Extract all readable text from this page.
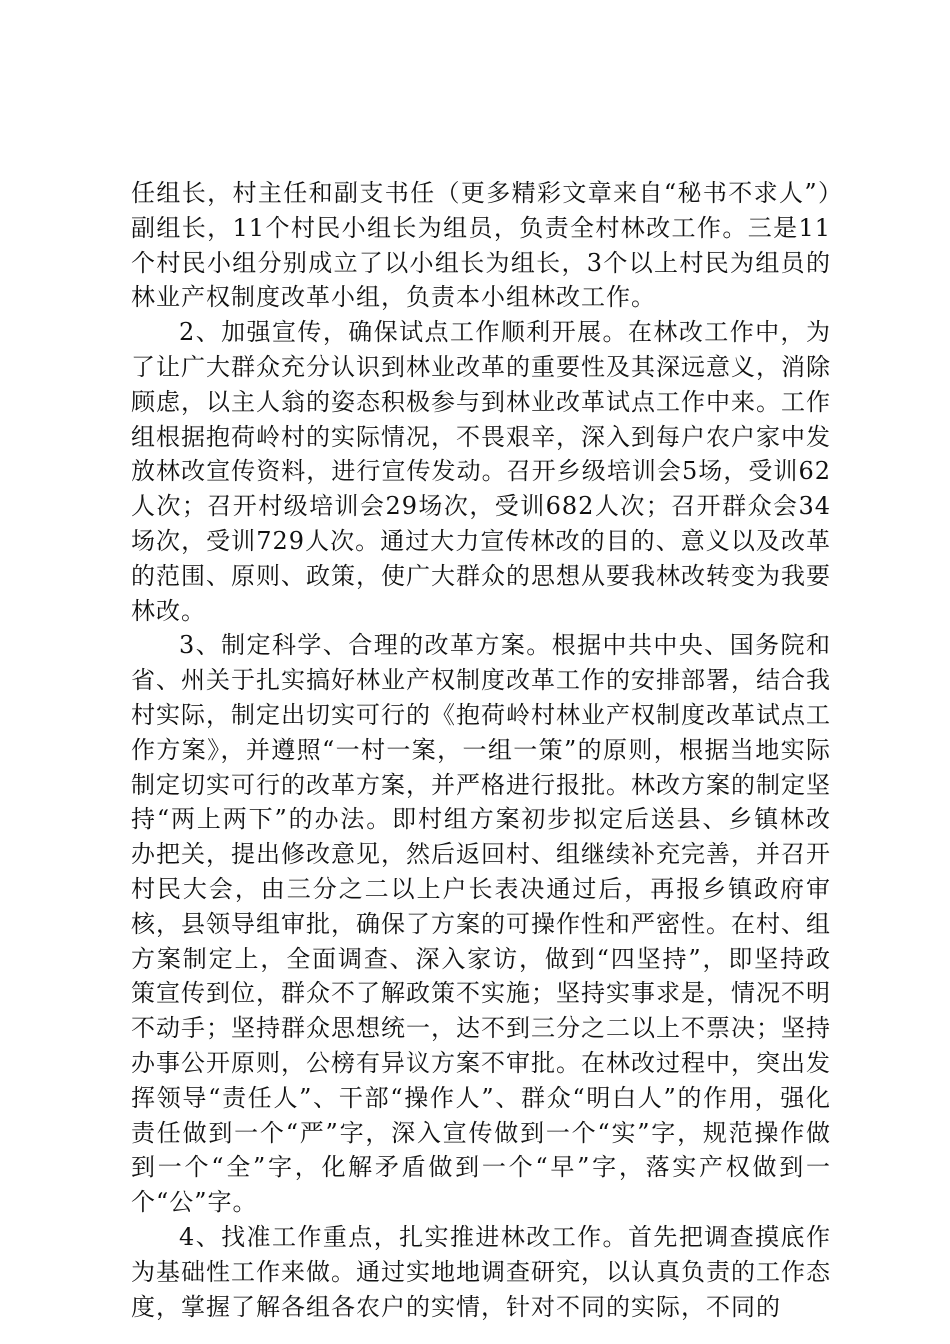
任组长，村主任和副支书任（更多精彩文章来自“秘书不求人”）副组长，11个村民小组长为组员，负责全村林改工作。三是11个村民小组分别成立了以小组长为组长，3个以上村民为组员的林业产权制度改革小组，负责本小组林改工作。

2、加强宣传，确保试点工作顺利开展。在林改工作中，为了让广大群众充分认识到林业改革的重要性及其深远意义，消除顾虑，以主人翁的姿态积极参与到林业改革试点工作中来。工作组根据抱荷岭村的实际情况，不畏艰辛，深入到每户农户家中发放林改宣传资料，进行宣传发动。召开乡级培训会5场，受训62人次；召开村级培训会29场次，受训682人次；召开群众会34场次，受训729人次。通过大力宣传林改的目的、意义以及改革的范围、原则、政策，使广大群众的思想从要我林改转变为我要林改。

3、制定科学、合理的改革方案。根据中共中央、国务院和省、州关于扎实搞好林业产权制度改革工作的安排部署，结合我村实际，制定出切实可行的《抱荷岭村林业产权制度改革试点工作方案》，并遵照“一村一案，一组一策”的原则，根据当地实际制定切实可行的改革方案，并严格进行报批。林改方案的制定坚持“两上两下”的办法。即村组方案初步拟定后送县、乡镇林改办把关，提出修改意见，然后返回村、组继续补充完善，并召开村民大会，由三分之二以上户长表决通过后，再报乡镇政府审核，县领导组审批，确保了方案的可操作性和严密性。在村、组方案制定上，全面调查、深入家访，做到“四坚持”，即坚持政策宣传到位，群众不了解政策不实施；坚持实事求是，情况不明不动手；坚持群众思想统一，达不到三分之二以上不票决；坚持办事公开原则，公榜有异议方案不审批。在林改过程中，突出发挥领导“责任人”、干部“操作人”、群众“明白人”的作用，强化责任做到一个“严”字，深入宣传做到一个“实”字，规范操作做到一个“全”字，化解矛盾做到一个“早”字，落实产权做到一个“公”字。

4、找准工作重点，扎实推进林改工作。首先把调查摸底作为基础性工作来做。通过实地地调查研究，以认真负责的工作态度，掌握了解各组各农户的实情，针对不同的实际，不同的
